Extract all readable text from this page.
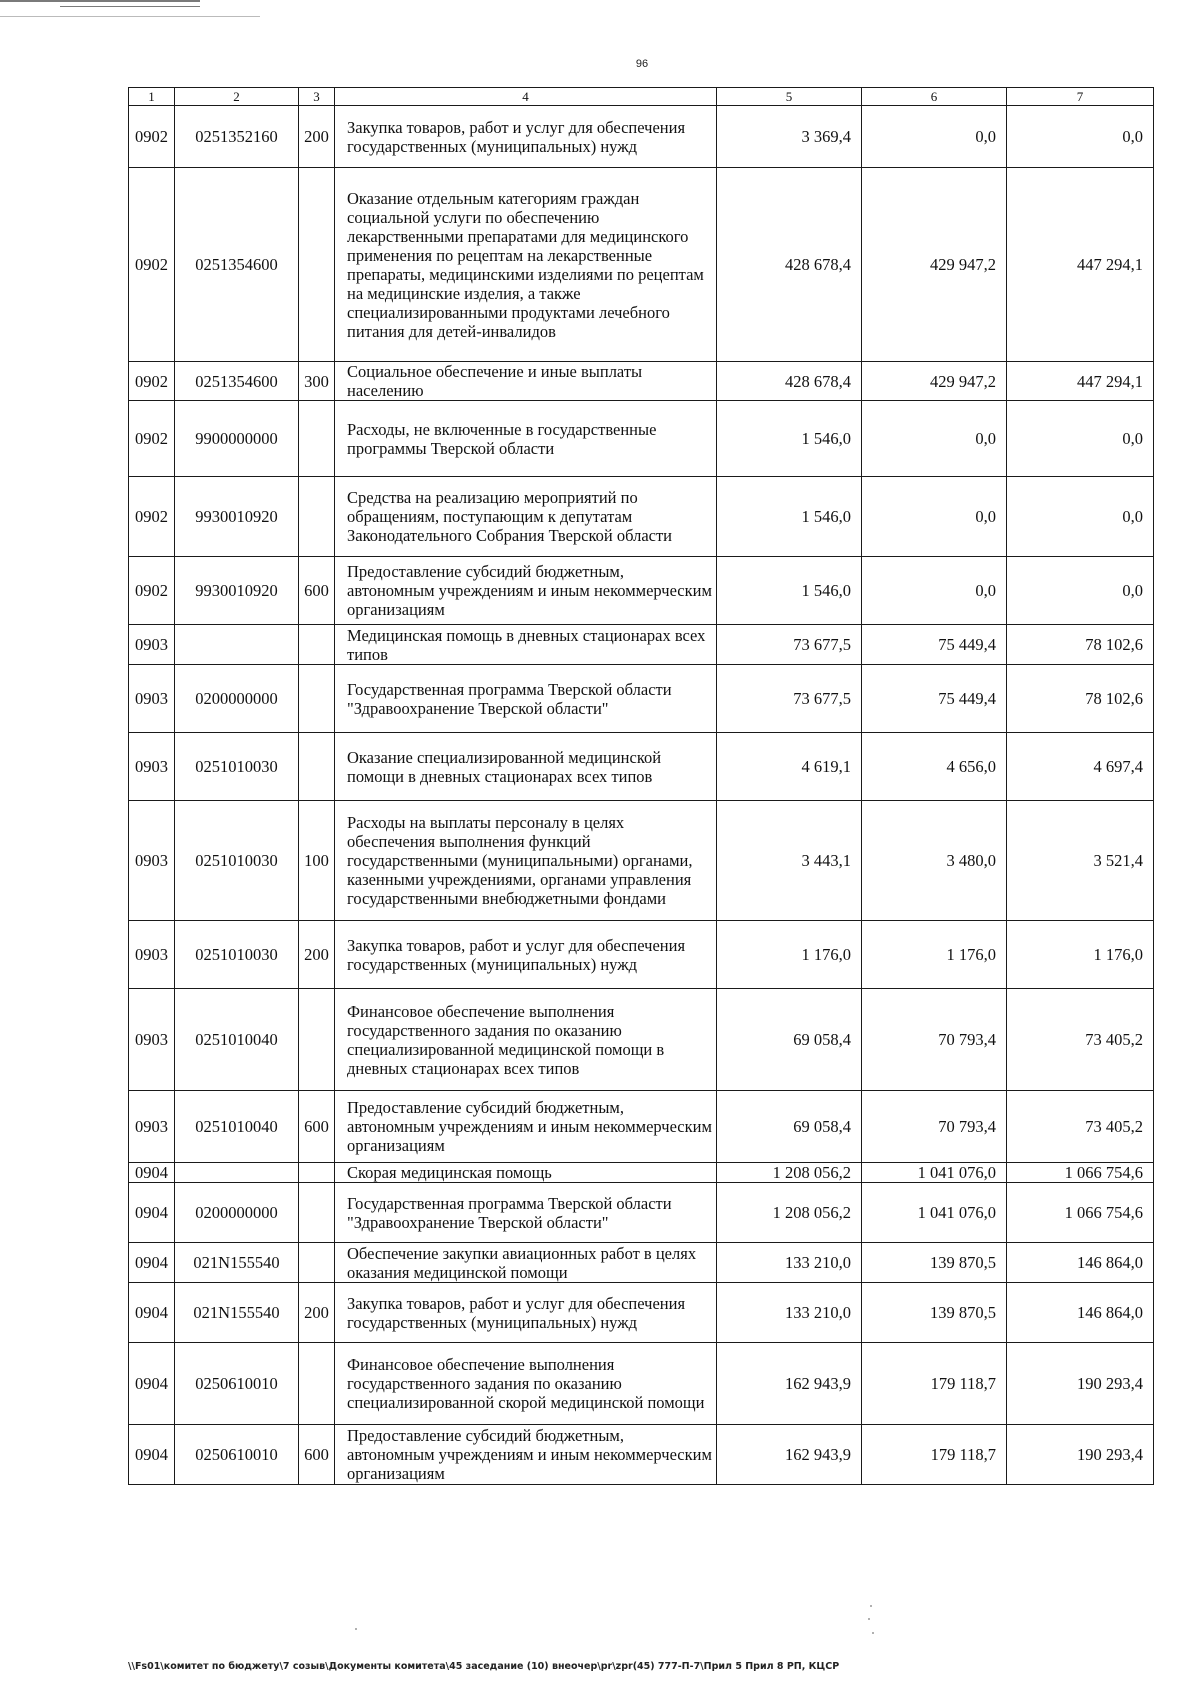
96
1	2	3	4	5	6	7
0902	0251352160	200	Закупка товаров, работ и услуг для обеспечения государственных (муниципальных) нужд	3 369,4	0,0	0,0
0902	0251354600		Оказание отдельным категориям граждан социальной услуги по обеспечению лекарственными препаратами для медицинского применения по рецептам на лекарственные препараты, медицинскими изделиями по рецептам на медицинские изделия, а также специализированными продуктами лечебного питания для детей-инвалидов	428 678,4	429 947,2	447 294,1
0902	0251354600	300	Социальное обеспечение и иные выплаты населению	428 678,4	429 947,2	447 294,1
0902	9900000000		Расходы, не включенные в государственные программы Тверской области	1 546,0	0,0	0,0
0902	9930010920		Средства на реализацию мероприятий по обращениям, поступающим к депутатам Законодательного Собрания Тверской области	1 546,0	0,0	0,0
0902	9930010920	600	Предоставление субсидий бюджетным, автономным учреждениям и иным некоммерческим организациям	1 546,0	0,0	0,0
0903			Медицинская помощь в дневных стационарах всех типов	73 677,5	75 449,4	78 102,6
0903	0200000000		Государственная программа Тверской области "Здравоохранение Тверской области"	73 677,5	75 449,4	78 102,6
0903	0251010030		Оказание специализированной медицинской помощи в дневных стационарах всех типов	4 619,1	4 656,0	4 697,4
0903	0251010030	100	Расходы на выплаты персоналу в целях обеспечения выполнения функций государственными (муниципальными) органами, казенными учреждениями, органами управления государственными внебюджетными фондами	3 443,1	3 480,0	3 521,4
0903	0251010030	200	Закупка товаров, работ и услуг для обеспечения государственных (муниципальных) нужд	1 176,0	1 176,0	1 176,0
0903	0251010040		Финансовое обеспечение выполнения государственного задания по оказанию специализированной медицинской помощи в дневных стационарах всех типов	69 058,4	70 793,4	73 405,2
0903	0251010040	600	Предоставление субсидий бюджетным, автономным учреждениям и иным некоммерческим организациям	69 058,4	70 793,4	73 405,2
0904			Скорая медицинская помощь	1 208 056,2	1 041 076,0	1 066 754,6
0904	0200000000		Государственная программа Тверской области "Здравоохранение Тверской области"	1 208 056,2	1 041 076,0	1 066 754,6
0904	021N155540		Обеспечение закупки авиационных работ в целях оказания медицинской помощи	133 210,0	139 870,5	146 864,0
0904	021N155540	200	Закупка товаров, работ и услуг для обеспечения государственных (муниципальных) нужд	133 210,0	139 870,5	146 864,0
0904	0250610010		Финансовое обеспечение выполнения государственного задания по оказанию специализированной скорой медицинской помощи	162 943,9	179 118,7	190 293,4
0904	0250610010	600	Предоставление субсидий бюджетным, автономным учреждениям и иным некоммерческим организациям	162 943,9	179 118,7	190 293,4
\\Fs01\комитет по бюджету\7 созыв\Документы комитета\45 заседание (10) внеочер\pr\zpr(45) 777-П-7\Прил 5 Прил 8 РП, КЦСР
